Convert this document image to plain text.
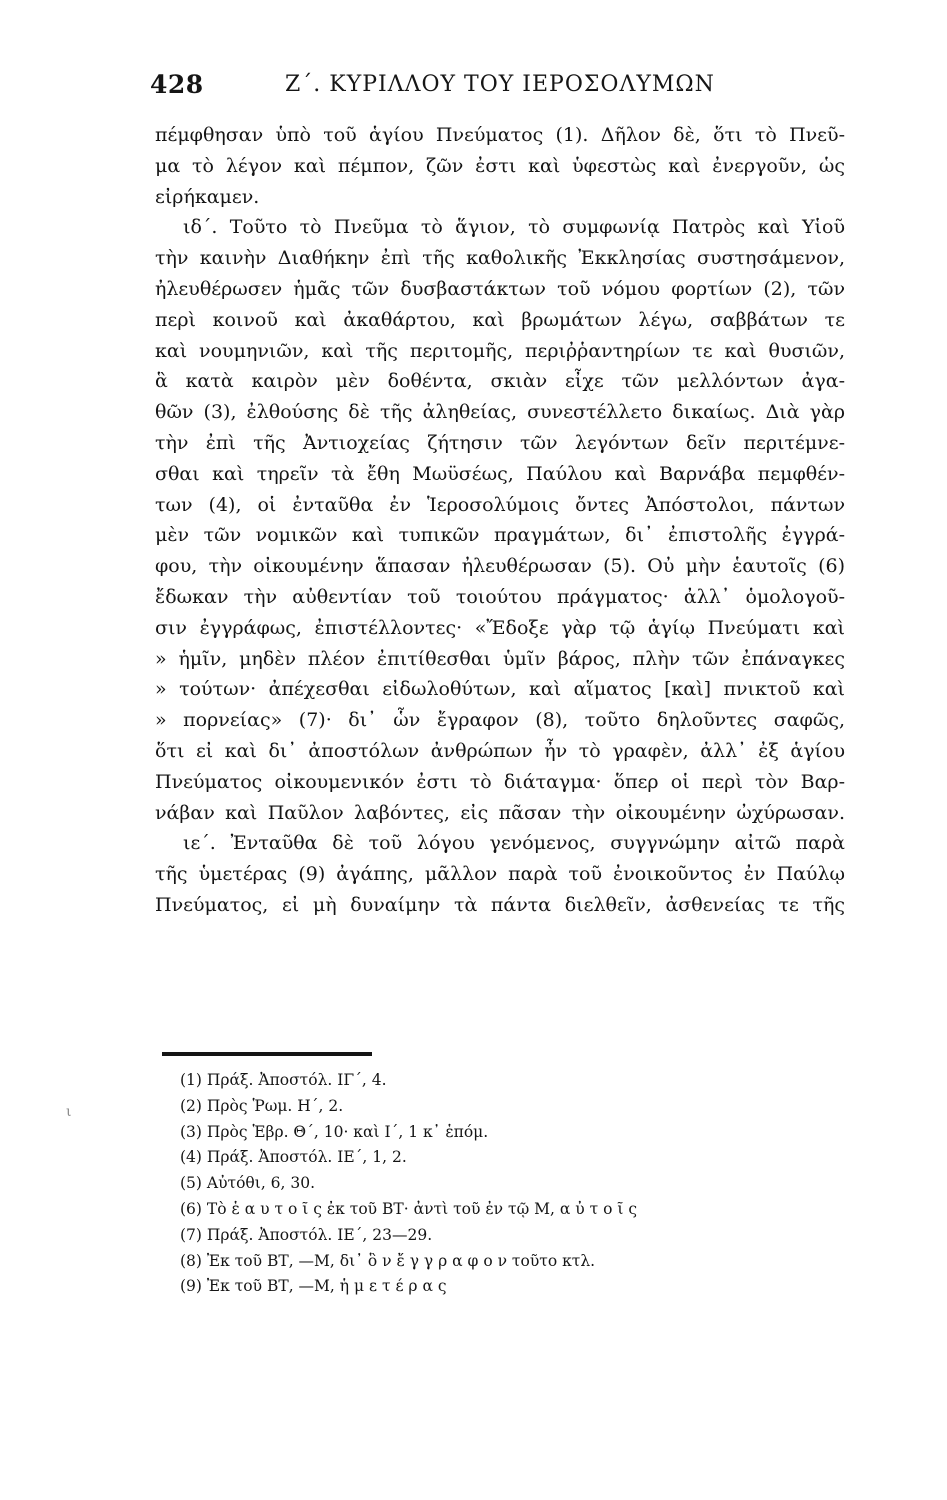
428	Ζ΄. ΚΥΡΙΛΛΟΥ ΤΟΥ ΙΕΡΟΣΟΛΥΜΩΝ
πέμφθησαν ὑπὸ τοῦ ἁγίου Πνεύματος (1). Δῆλον δὲ, ὅτι τὸ Πνεῦ-
μα τὸ λέγον καὶ πέμπον, ζῶν ἐστι καὶ ὑφεστὼς καὶ ἐνεργοῦν, ὡς
εἰρήκαμεν.
ιδ΄. Τοῦτο τὸ Πνεῦμα τὸ ἅγιον, τὸ συμφωνίᾳ Πατρὸς καὶ Υἱοῦ
τὴν καινὴν Διαθήκην ἐπὶ τῆς καθολικῆς Ἐκκλησίας συστησάμενον,
ἠλευθέρωσεν ἡμᾶς τῶν δυσβαστάκτων τοῦ νόμου φορτίων (2), τῶν
περὶ κοινοῦ καὶ ἀκαθάρτου, καὶ βρωμάτων λέγω, σαββάτων τε
καὶ νουμηνιῶν, καὶ τῆς περιτομῆς, περιῤῥαντηρίων τε καὶ θυσιῶν,
ἃ κατὰ καιρὸν μὲν δοθέντα, σκιὰν εἶχε τῶν μελλόντων ἀγα-
θῶν (3), ἐλθούσης δὲ τῆς ἀληθείας, συνεστέλλετο δικαίως. Διὰ γὰρ
τὴν ἐπὶ τῆς Ἀντιοχείας ζήτησιν τῶν λεγόντων δεῖν περιτέμνε-
σθαι καὶ τηρεῖν τὰ ἔθη Μωϋσέως, Παύλου καὶ Βαρνάβα πεμφθέν-
των (4), οἱ ἐνταῦθα ἐν Ἱεροσολύμοις ὄντες Ἀπόστολοι, πάντων
μὲν τῶν νομικῶν καὶ τυπικῶν πραγμάτων, δι᾿ ἐπιστολῆς ἐγγρά-
φου, τὴν οἰκουμένην ἅπασαν ἠλευθέρωσαν (5). Οὐ μὴν ἑαυτοῖς (6)
ἔδωκαν τὴν αὐθεντίαν τοῦ τοιούτου πράγματος· ἀλλ᾿ ὁμολογοῦ-
σιν ἐγγράφως, ἐπιστέλλοντες· «Ἔδοξε γὰρ τῷ ἁγίῳ Πνεύματι καὶ
» ἡμῖν, μηδὲν πλέον ἐπιτίθεσθαι ὑμῖν βάρος, πλὴν τῶν ἐπάναγκες
» τούτων· ἀπέχεσθαι εἰδωλοθύτων, καὶ αἵματος [καὶ] πνικτοῦ καὶ
» πορνείας» (7)· δι᾿ ὧν ἔγραφον (8), τοῦτο δηλοῦντες σαφῶς,
ὅτι εἰ καὶ δι᾿ ἀποστόλων ἀνθρώπων ἦν τὸ γραφὲν, ἀλλ᾿ ἐξ ἁγίου
Πνεύματος οἰκουμενικόν ἐστι τὸ διάταγμα· ὅπερ οἱ περὶ τὸν Βαρ-
νάβαν καὶ Παῦλον λαβόντες, εἰς πᾶσαν τὴν οἰκουμένην ὠχύρωσαν.
ιε΄. Ἐνταῦθα δὲ τοῦ λόγου γενόμενος, συγγνώμην αἰτῶ παρὰ
τῆς ὑμετέρας (9) ἀγάπης, μᾶλλον παρὰ τοῦ ἐνοικοῦντος ἐν Παύλῳ
Πνεύματος, εἰ μὴ δυναίμην τὰ πάντα διελθεῖν, ἀσθενείας τε τῆς
(1) Πράξ. Ἀποστόλ. ΙΓ΄, 4.
(2) Πρὸς Ῥωμ. Η΄, 2.
(3) Πρὸς Ἑβρ. Θ΄, 10· καὶ Ι΄, 1 κ᾿ ἑπόμ.
(4) Πράξ. Ἀποστόλ. ΙΕ΄, 1, 2.
(5) Αὐτόθι, 6, 30.
(6) Τὸ ἑ α υ τ ο ῖ ς ἐκ τοῦ ΒΤ· ἀντὶ τοῦ ἐν τῷ Μ, α ὐ τ ο ῖ ς
(7) Πράξ. Ἀποστόλ. ΙΕ΄, 23—29.
(8) Ἐκ τοῦ ΒΤ, —Μ, δι᾿ ὃ ν ἔ γ γ ρ α φ ο ν τοῦτο κτλ.
(9) Ἐκ τοῦ ΒΤ, —Μ, ἡ μ ε τ έ ρ α ς
ι
